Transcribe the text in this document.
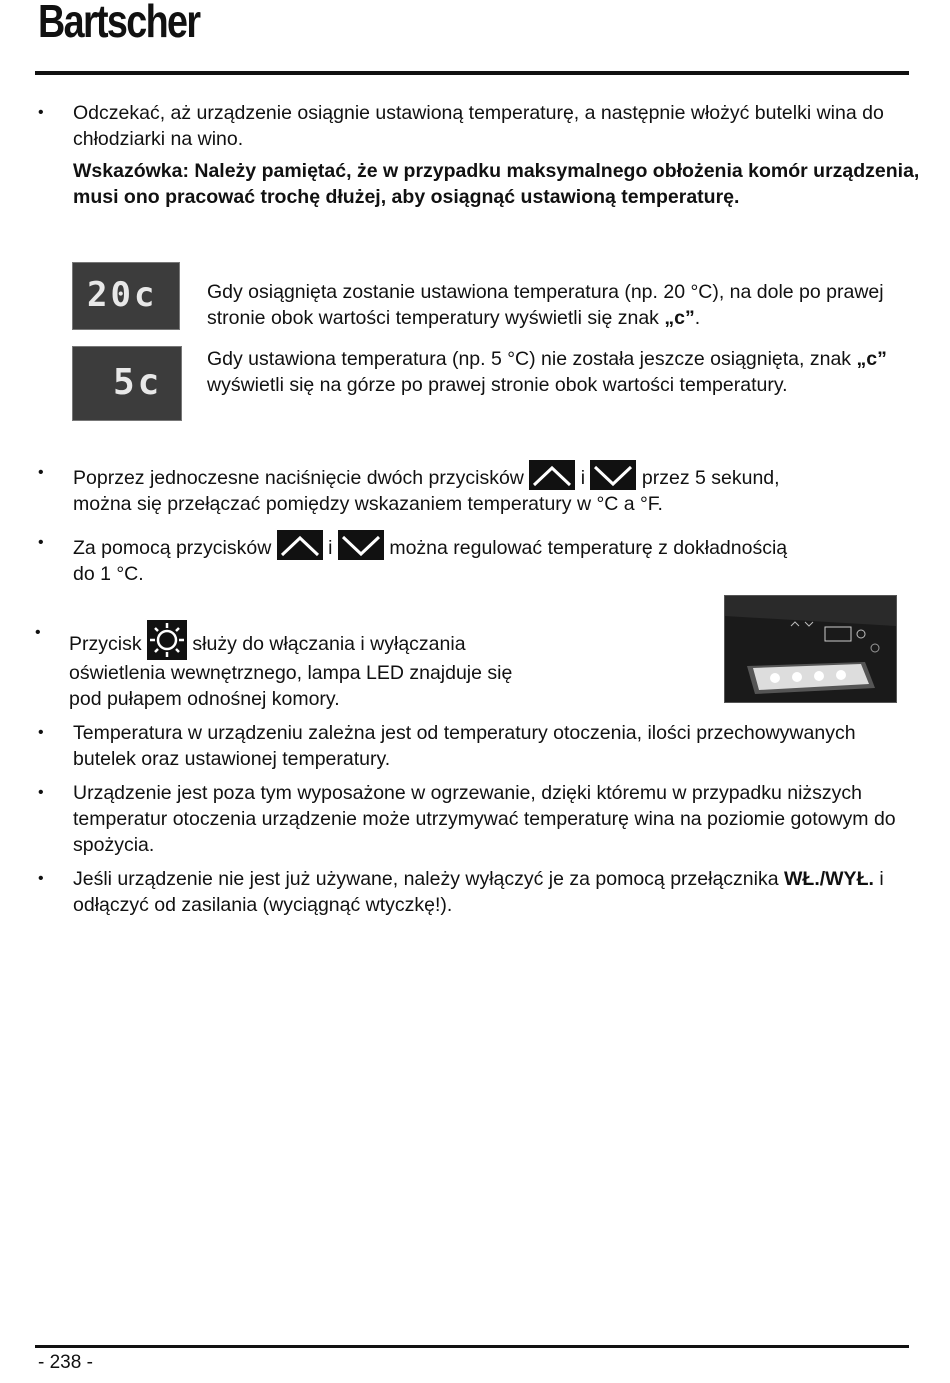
Bartscher
• Odczekać, aż urządzenie osiągnie ustawioną temperaturę, a następnie włożyć butelki wina do chłodziarki na wino.
Wskazówka: Należy pamiętać, że w przypadku maksymalnego obłożenia komór urządzenia, musi ono pracować trochę dłużej, aby osiągnąć ustawioną temperaturę.
20c	Gdy osiągnięta zostanie ustawiona temperatura (np. 20 °C), na dole po prawej stronie obok wartości temperatury wyświetli się znak „c”.
5c
Gdy ustawiona temperatura (np. 5 °C) nie została jeszcze osiągnięta, znak „c” wyświetli się na górze po prawej stronie obok wartości temperatury.
• Poprzez jednoczesne naciśnięcie dwóch przycisków  i  przez 5 sekund,
można się przełączać pomiędzy wskazaniem temperatury w °C a °F.
• Za pomocą przycisków  i  można regulować temperaturę z dokładnością
do 1 °C.
•
Przycisk  służy do włączania i wyłączania
oświetlenia wewnętrznego, lampa LED znajduje się
pod pułapem odnośnej komory.
• Temperatura w urządzeniu zależna jest od temperatury otoczenia, ilości przechowywanych butelek oraz ustawionej temperatury.
• Urządzenie jest poza tym wyposażone w ogrzewanie, dzięki któremu w przypadku niższych temperatur otoczenia urządzenie może utrzymywać temperaturę wina na poziomie gotowym do spożycia.
• Jeśli urządzenie nie jest już używane, należy wyłączyć je za pomocą przełącznika WŁ./WYŁ. i odłączyć od zasilania (wyciągnąć wtyczkę!).
- 238 -
